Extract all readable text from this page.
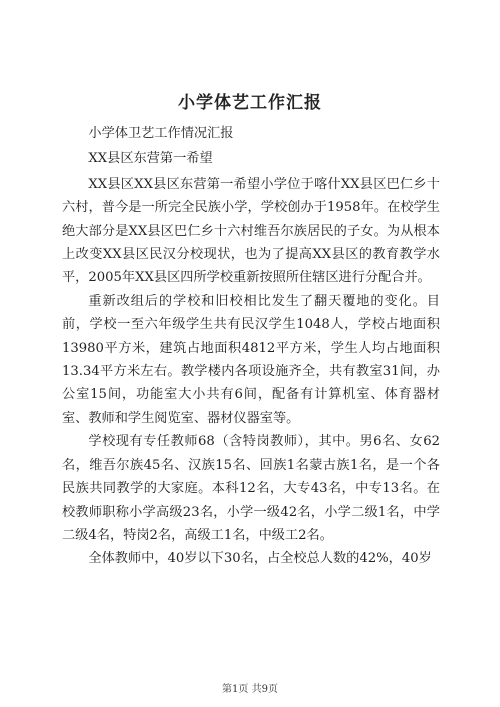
小学体艺工作汇报

小学体卫艺工作情况汇报

XX县区东营第一希望

XX县区XX县区东营第一希望小学位于喀什XX县区巴仁乡十六村，普今是一所完全民族小学，学校创办于1958年。在校学生绝大部分是XX县区巴仁乡十六村维吾尔族居民的子女。为从根本上改变XX县区民汉分校现状，也为了提高XX县区的教育教学水平，2005年XX县区四所学校重新按照所住辖区进行分配合并。

重新改组后的学校和旧校相比发生了翻天覆地的变化。目前，学校一至六年级学生共有民汉学生1048人，学校占地面积13980平方米，建筑占地面积4812平方米，学生人均占地面积13.34平方米左右。教学楼内各项设施齐全，共有教室31间，办公室15间，功能室大小共有6间，配备有计算机室、体育器材室、教师和学生阅览室、器材仪器室等。

学校现有专任教师68（含特岗教师），其中。男6名、女62名，维吾尔族45名、汉族15名、回族1名蒙古族1名，是一个各民族共同教学的大家庭。本科12名，大专43名，中专13名。在校教师职称小学高级23名，小学一级42名，小学二级1名，中学二级4名，特岗2名，高级工1名，中级工2名。

全体教师中，40岁以下30名，占全校总人数的42%，40岁

第1页 共9页
